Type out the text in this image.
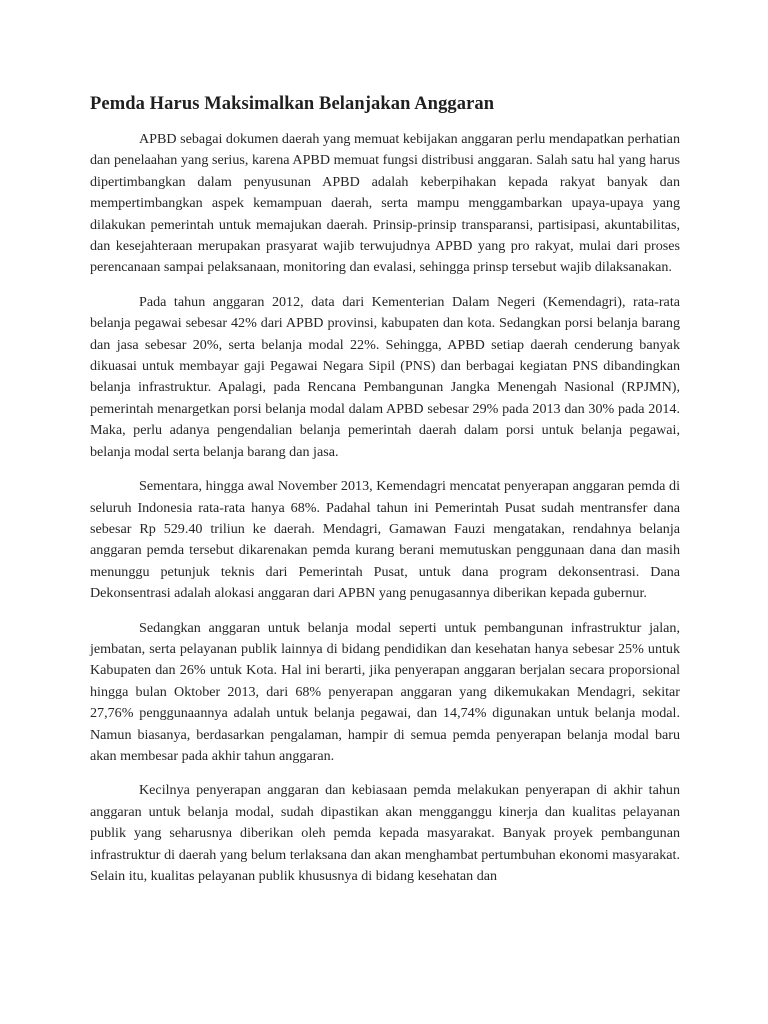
Pemda Harus Maksimalkan Belanjakan Anggaran

APBD sebagai dokumen daerah yang memuat kebijakan anggaran perlu mendapatkan perhatian dan penelaahan yang serius, karena APBD memuat fungsi distribusi anggaran. Salah satu hal yang harus dipertimbangkan dalam penyusunan APBD adalah keberpihakan kepada rakyat banyak dan mempertimbangkan aspek kemampuan daerah, serta mampu menggambarkan upaya-upaya yang dilakukan pemerintah untuk memajukan daerah. Prinsip-prinsip transparansi, partisipasi, akuntabilitas, dan kesejahteraan merupakan prasyarat wajib terwujudnya APBD yang pro rakyat, mulai dari proses perencanaan sampai pelaksanaan, monitoring dan evalasi, sehingga prinsp tersebut wajib dilaksanakan.

Pada tahun anggaran 2012, data dari Kementerian Dalam Negeri (Kemendagri), rata-rata belanja pegawai sebesar 42% dari APBD provinsi, kabupaten dan kota. Sedangkan porsi belanja barang dan jasa sebesar 20%, serta belanja modal 22%. Sehingga, APBD setiap daerah cenderung banyak dikuasai untuk membayar gaji Pegawai Negara Sipil (PNS) dan berbagai kegiatan PNS dibandingkan belanja infrastruktur. Apalagi, pada Rencana Pembangunan Jangka Menengah Nasional (RPJMN), pemerintah menargetkan porsi belanja modal dalam APBD sebesar 29% pada 2013 dan 30% pada 2014. Maka, perlu adanya pengendalian belanja pemerintah daerah dalam porsi untuk belanja pegawai, belanja modal serta belanja barang dan jasa.

Sementara, hingga awal November 2013, Kemendagri mencatat penyerapan anggaran pemda di seluruh Indonesia rata-rata hanya 68%. Padahal tahun ini Pemerintah Pusat sudah mentransfer dana sebesar Rp 529.40 triliun ke daerah. Mendagri, Gamawan Fauzi mengatakan, rendahnya belanja anggaran pemda tersebut dikarenakan pemda kurang berani memutuskan penggunaan dana dan masih menunggu petunjuk teknis dari Pemerintah Pusat, untuk dana program dekonsentrasi. Dana Dekonsentrasi adalah alokasi anggaran dari APBN yang penugasannya diberikan kepada gubernur.

Sedangkan anggaran untuk belanja modal seperti untuk pembangunan infrastruktur jalan, jembatan, serta pelayanan publik lainnya di bidang pendidikan dan kesehatan hanya sebesar 25% untuk Kabupaten dan 26% untuk Kota. Hal ini berarti, jika penyerapan anggaran berjalan secara proporsional hingga bulan Oktober 2013, dari 68% penyerapan anggaran yang dikemukakan Mendagri, sekitar 27,76% penggunaannya adalah untuk belanja pegawai, dan 14,74% digunakan untuk belanja modal. Namun biasanya, berdasarkan pengalaman, hampir di semua pemda penyerapan belanja modal baru akan membesar pada akhir tahun anggaran.

Kecilnya penyerapan anggaran dan kebiasaan pemda melakukan penyerapan di akhir tahun anggaran untuk belanja modal, sudah dipastikan akan mengganggu kinerja dan kualitas pelayanan publik yang seharusnya diberikan oleh pemda kepada masyarakat. Banyak proyek pembangunan infrastruktur di daerah yang belum terlaksana dan akan menghambat pertumbuhan ekonomi masyarakat. Selain itu, kualitas pelayanan publik khususnya di bidang kesehatan dan
